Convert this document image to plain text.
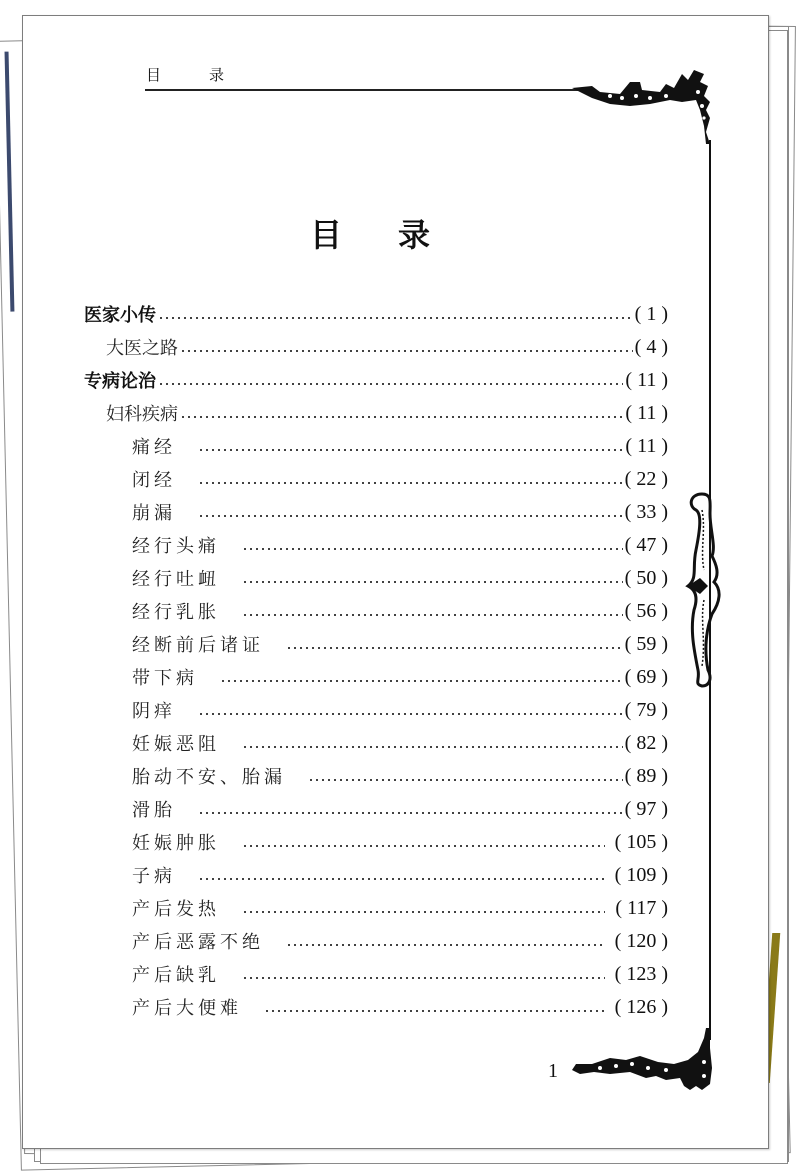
目	录
目 录
医家小传	( 1 )
大医之路	( 4 )
专病论治	( 11 )
妇科疾病	( 11 )
痛经	( 11 )
闭经	( 22 )
崩漏	( 33 )
经行头痛	( 47 )
经行吐衄	( 50 )
经行乳胀	( 56 )
经断前后诸证	( 59 )
带下病	( 69 )
阴痒	( 79 )
妊娠恶阻	( 82 )
胎动不安、胎漏	( 89 )
滑胎	( 97 )
妊娠肿胀	( 105 )
子病	( 109 )
产后发热	( 117 )
产后恶露不绝	( 120 )
产后缺乳	( 123 )
产后大便难	( 126 )
1
